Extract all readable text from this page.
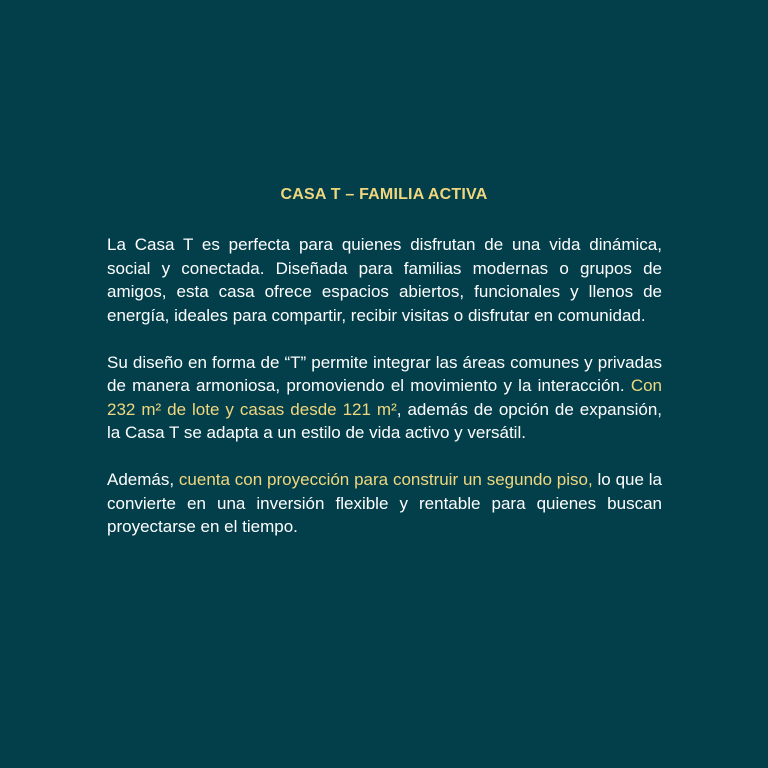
CASA T – FAMILIA ACTIVA

La Casa T es perfecta para quienes disfrutan de una vida dinámica, social y conectada. Diseñada para familias modernas o grupos de amigos, esta casa ofrece espacios abiertos, funcionales y llenos de energía, ideales para compartir, recibir visitas o disfrutar en comunidad.

Su diseño en forma de “T” permite integrar las áreas comunes y privadas de manera armoniosa, promoviendo el movimiento y la interacción. Con 232 m² de lote y casas desde 121 m², además de opción de expansión, la Casa T se adapta a un estilo de vida activo y versátil.

Además, cuenta con proyección para construir un segundo piso, lo que la convierte en una inversión flexible y rentable para quienes buscan proyectarse en el tiempo.
